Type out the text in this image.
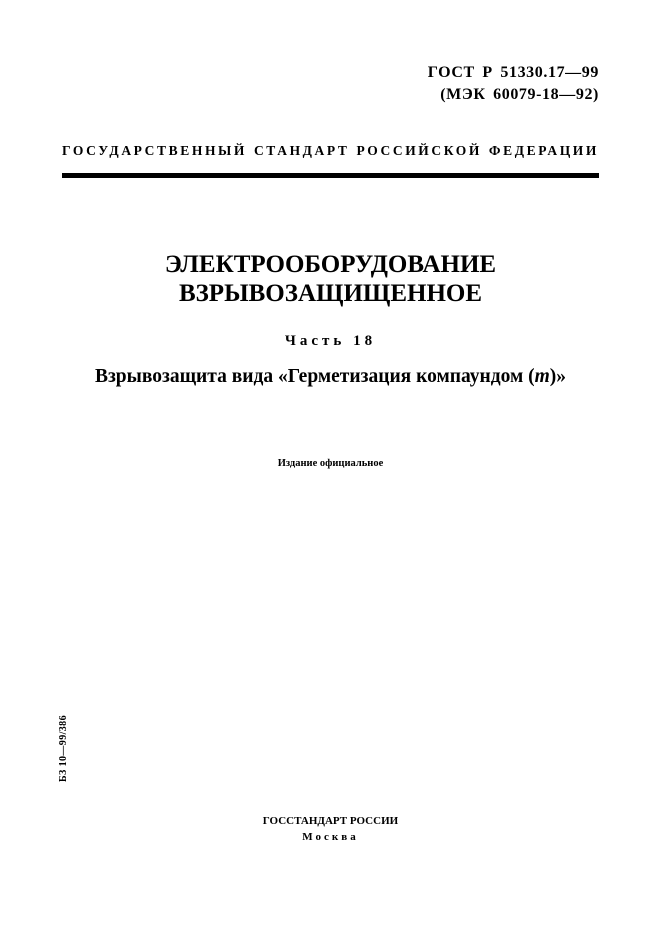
ГОСТ Р 51330.17—99
(МЭК 60079-18—92)
ГОСУДАРСТВЕННЫЙ СТАНДАРТ РОССИЙСКОЙ ФЕДЕРАЦИИ
ЭЛЕКТРООБОРУДОВАНИЕ
ВЗРЫВОЗАЩИЩЕННОЕ
Часть 18
Взрывозащита вида «Герметизация компаундом (m)»
Издание официальное
БЗ 10—99/386
ГОССТАНДАРТ РОССИИ
Москва
